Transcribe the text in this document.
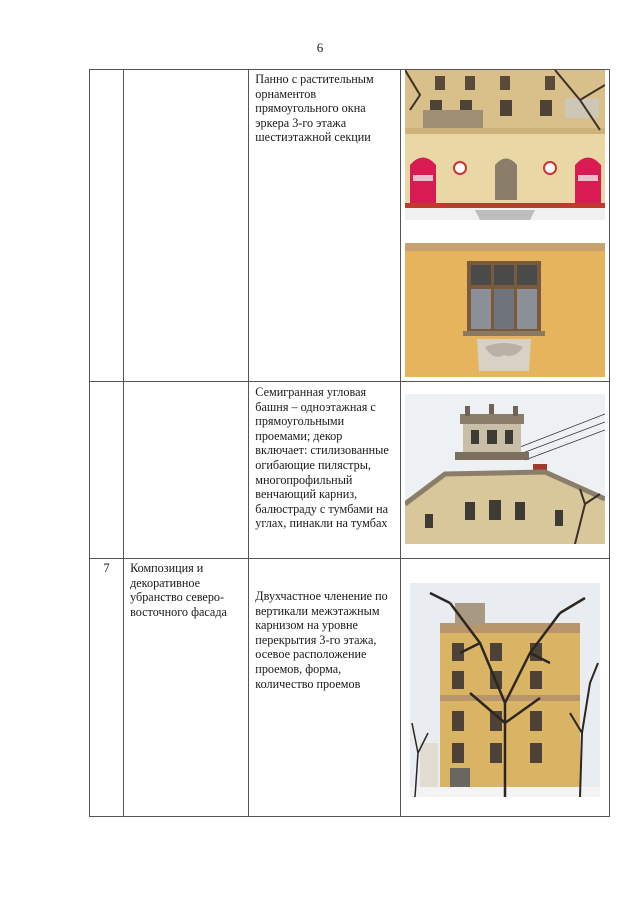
6
		Панно с растительным орнаментов прямоугольного окна эркера 3-го этажа шестиэтажной секции	

		Семигранная угловая башня – одноэтажная с прямоугольными проемами; декор включает: стилизованные огибающие пилястры, многопрофильный венчающий карниз, балюстраду с тумбами на углах, пинакли на тумбах	

7	Композиция и декоративное убранство северо-восточного фасада	Двухчастное членение по вертикали межэтажным карнизом на уровне перекрытия 3-го этажа, осевое расположение проемов, форма, количество проемов	
